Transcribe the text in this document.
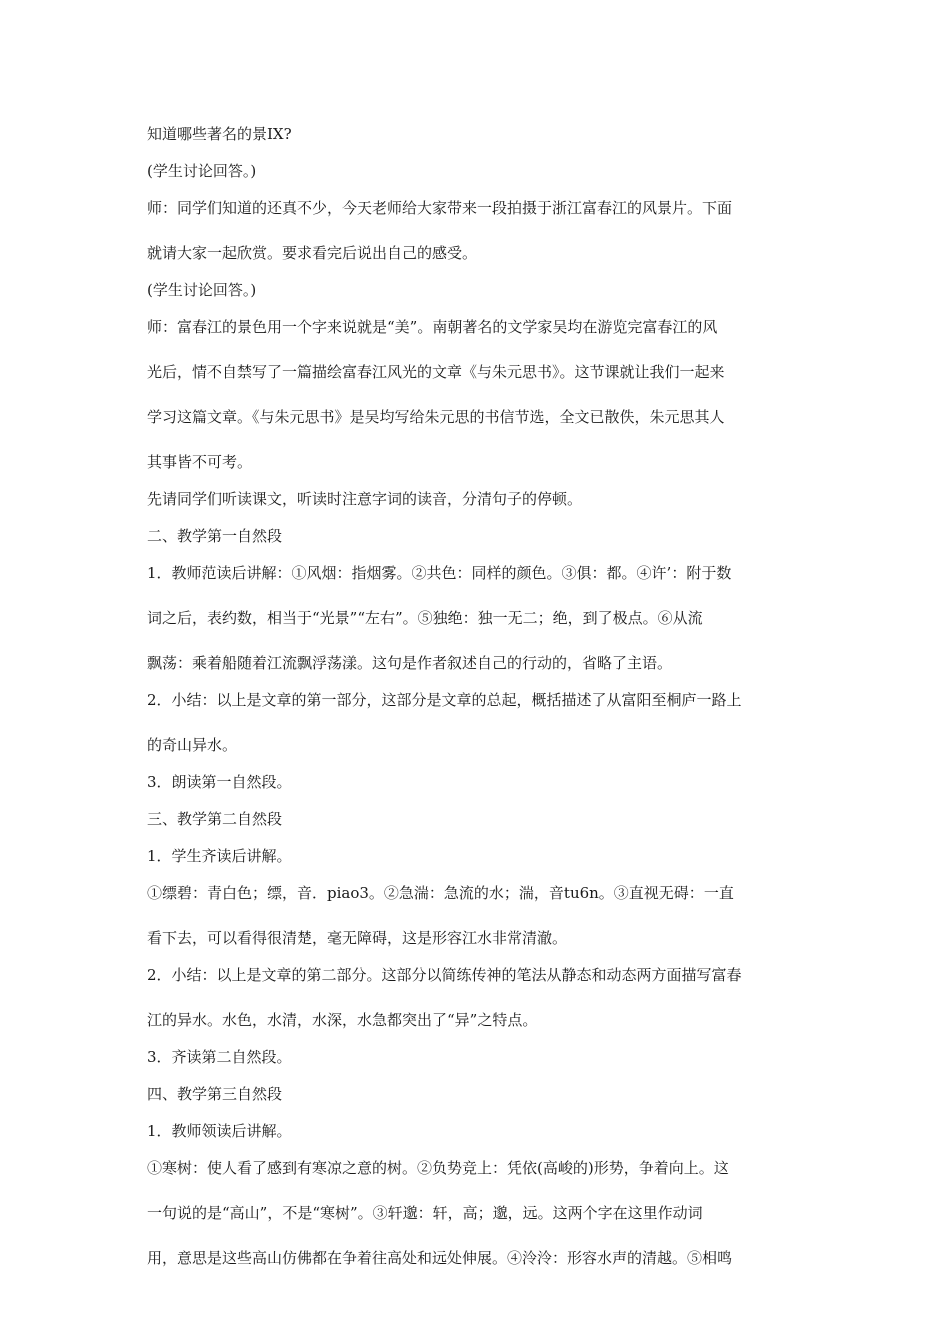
知道哪些著名的景IX?
(学生讨论回答。)
师：同学们知道的还真不少，今天老师给大家带来一段拍摄于浙江富春江的风景片。下面
就请大家一起欣赏。要求看完后说出自己的感受。
(学生讨论回答。)
师：富春江的景色用一个字来说就是“美”。南朝著名的文学家吴均在游览完富春江的风
光后，情不自禁写了一篇描绘富春江风光的文章《与朱元思书》。这节课就让我们一起来
学习这篇文章。《与朱元思书》是吴均写给朱元思的书信节选，全文已散佚，朱元思其人
其事皆不可考。
先请同学们听读课文，听读时注意字词的读音，分清句子的停顿。
二、教学第一自然段
1．教师范读后讲解：①风烟：指烟雾。②共色：同样的颜色。③俱：都。④许’：附于数
词之后，表约数，相当于“光景”“左右”。⑤独绝：独一无二；绝，到了极点。⑥从流
飘荡：乘着船随着江流飘浮荡漾。这句是作者叙述自己的行动的，省略了主语。
2．小结：以上是文章的第一部分，这部分是文章的总起，概括描述了从富阳至桐庐一路上
的奇山异水。
3．朗读第一自然段。
三、教学第二自然段
1．学生齐读后讲解。
①缥碧：青白色；缥，音．piao3。②急湍：急流的水；湍，音tu6n。③直视无碍：一直
看下去，可以看得很清楚，毫无障碍，这是形容江水非常清澈。
2．小结：以上是文章的第二部分。这部分以简练传神的笔法从静态和动态两方面描写富春
江的异水。水色，水清，水深，水急都突出了“异”之特点。
3．齐读第二自然段。
四、教学第三自然段
1．教师领读后讲解。
①寒树：使人看了感到有寒凉之意的树。②负势竞上：凭依(高峻的)形势，争着向上。这
一句说的是“高山”，不是“寒树”。③轩邈：轩，高；邈，远。这两个字在这里作动词
用，意思是这些高山仿佛都在争着往高处和远处伸展。④泠泠：形容水声的清越。⑤相鸣
